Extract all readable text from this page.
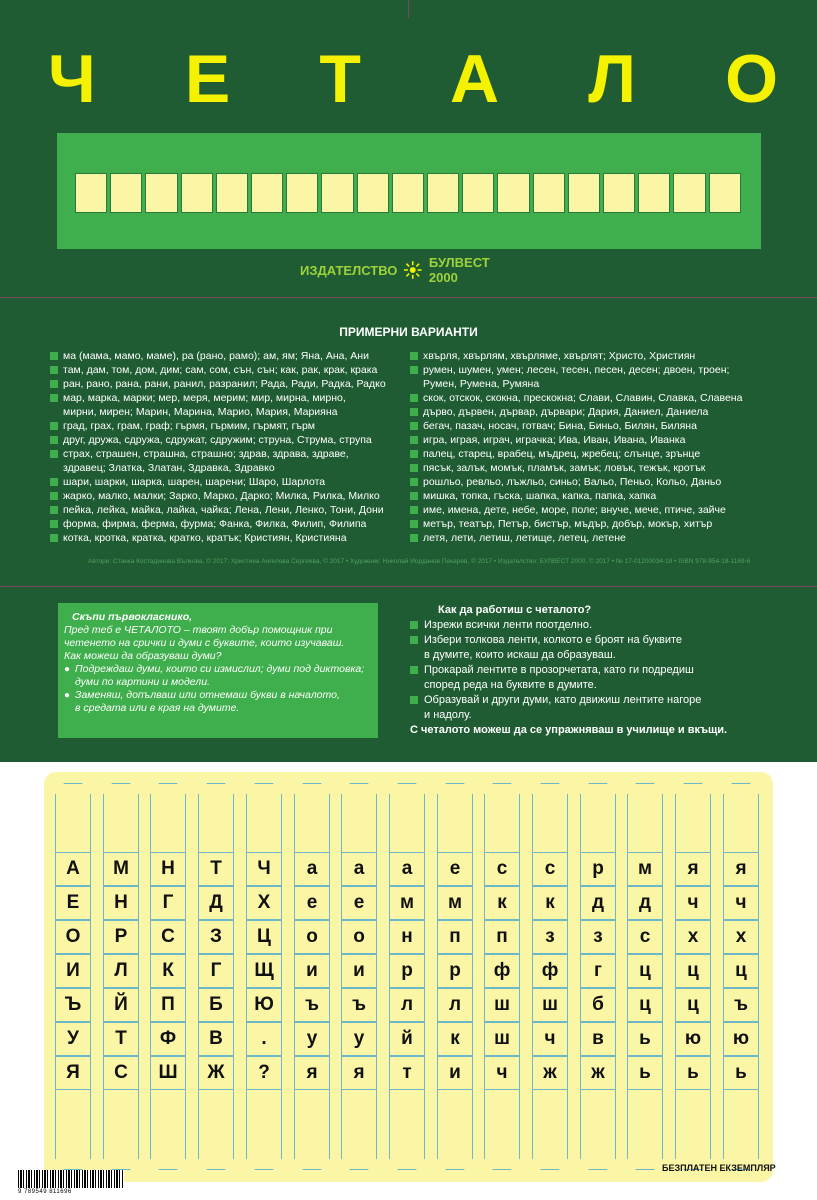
Ч Е Т А Л О
ИЗДАТЕЛСТВО БУЛВЕСТ 2000
ПРИМЕРНИ ВАРИАНТИ
ма (мама, мамо, маме), ра (рано, рамо); ам, ям; Яна, Ана, Ани
там, дам, том, дом, дим; сам, сом, сън, сън; как, рак, крак, крака
ран, рано, рана, рани, ранил, разранил; Рада, Ради, Радка, Радко
мар, марка, марки; мер, меря, мерим; мир, мирна, мирно,
мирни, мирен; Марин, Марина, Марио, Мария, Марияна
град, грах, грам, граф; гърмя, гърмим, гърмят, гърм
друг, дружа, сдружа, сдружат, сдружим; струна, Струма, струпа
страх, страшен, страшна, страшно; здрав, здрава, здраве,
здравец; Златка, Златан, Здравка, Здравко
шари, шарки, шарка, шарен, шарени; Шаро, Шарлота
жарко, малко, малки; Зарко, Марко, Дарко; Милка, Рилка, Милко
пейка, лейка, майка, лайка, чайка; Лена, Лени, Ленко, Тони, Дони
форма, фирма, ферма, фурма; Фанка, Филка, Филип, Филипа
котка, кротка, кратка, кратко, кратък; Кристиян, Кристияна
хвърля, хвърлям, хвърляме, хвърлят; Христо, Християн
румен, шумен, умен; лесен, тесен, песен, десен; двоен, троен;
Румен, Румена, Румяна
скок, отскок, скокна, прескокна; Слави, Славин, Славка, Славена
дърво, дървен, дървар, дървари; Дария, Даниел, Даниела
бегач, пазач, носач, готвач; Бина, Биньо, Билян, Биляна
игра, играя, играч, играчка; Ива, Иван, Ивана, Иванка
палец, старец, врабец, мъдрец, жребец; слънце, зрънце
пясък, залък, момък, пламък, замък; ловък, тежък, кротък
рошльо, ревльо, лъжльо, синьо; Вальо, Пеньо, Кольо, Даньо
мишка, топка, гъска, шапка, капка, папка, хапка
име, имена, дете, небе, море, поле; внуче, мече, птиче, зайче
метър, театър, Петър, бистър, мъдър, добър, мокър, хитър
летя, лети, летиш, летище, летец, летене
Автори: Станка Костадинова Вълкова, © 2017; Христина Ангелова Сергеева, © 2017 • Художник: Николай Йорданов Пекарев, © 2017 • Издателство: БУЛВЕСТ 2000, © 2017 • № 17-01200034-18 • ISBN 978-954-18-1169-6
Скъпи първокласнико,
Пред теб е ЧЕТАЛОТО – твоят добър помощник при
четенето на срички и думи с буквите, които изучаваш.
Как можеш да образуваш думи?
● Подреждаш думи, които си измислил; думи под диктовка;
думи по картини и модели.
● Заменяш, допълваш или отнемаш букви в началото,
в средата или в края на думите.
Как да работиш с четалото?
Изрежи всички ленти поотделно.
Избери толкова ленти, колкото е броят на буквите
в думите, които искаш да образуваш.
Прокарай лентите в прозорчетата, като ги подредиш
според реда на буквите в думите.
Образувай и други думи, като движиш лентите нагоре
и надолу.
С четалото можеш да се упражняваш в училище и вкъщи.
А
Е
О
И
Ъ
У
Я
М
Н
Р
Л
Й
Т
С
Н
Г
С
К
П
Ф
Ш
Т
Д
З
Г
Б
В
Ж
Ч
Х
Ц
Щ
Ю
.
?
а
е
о
и
ъ
у
я
а
е
о
и
ъ
у
я
а
м
н
р
л
й
т
е
м
п
р
л
к
и
с
к
п
ф
ш
ш
ч
с
к
з
ф
ш
ч
ж
р
д
з
г
б
в
ж
м
д
с
ц
ц
ь
ь
я
ч
х
ц
ц
ю
ь
я
ч
х
ц
ъ
ю
ь
БЕЗПЛАТЕН ЕКЗЕМПЛЯР
9 789549 811696
